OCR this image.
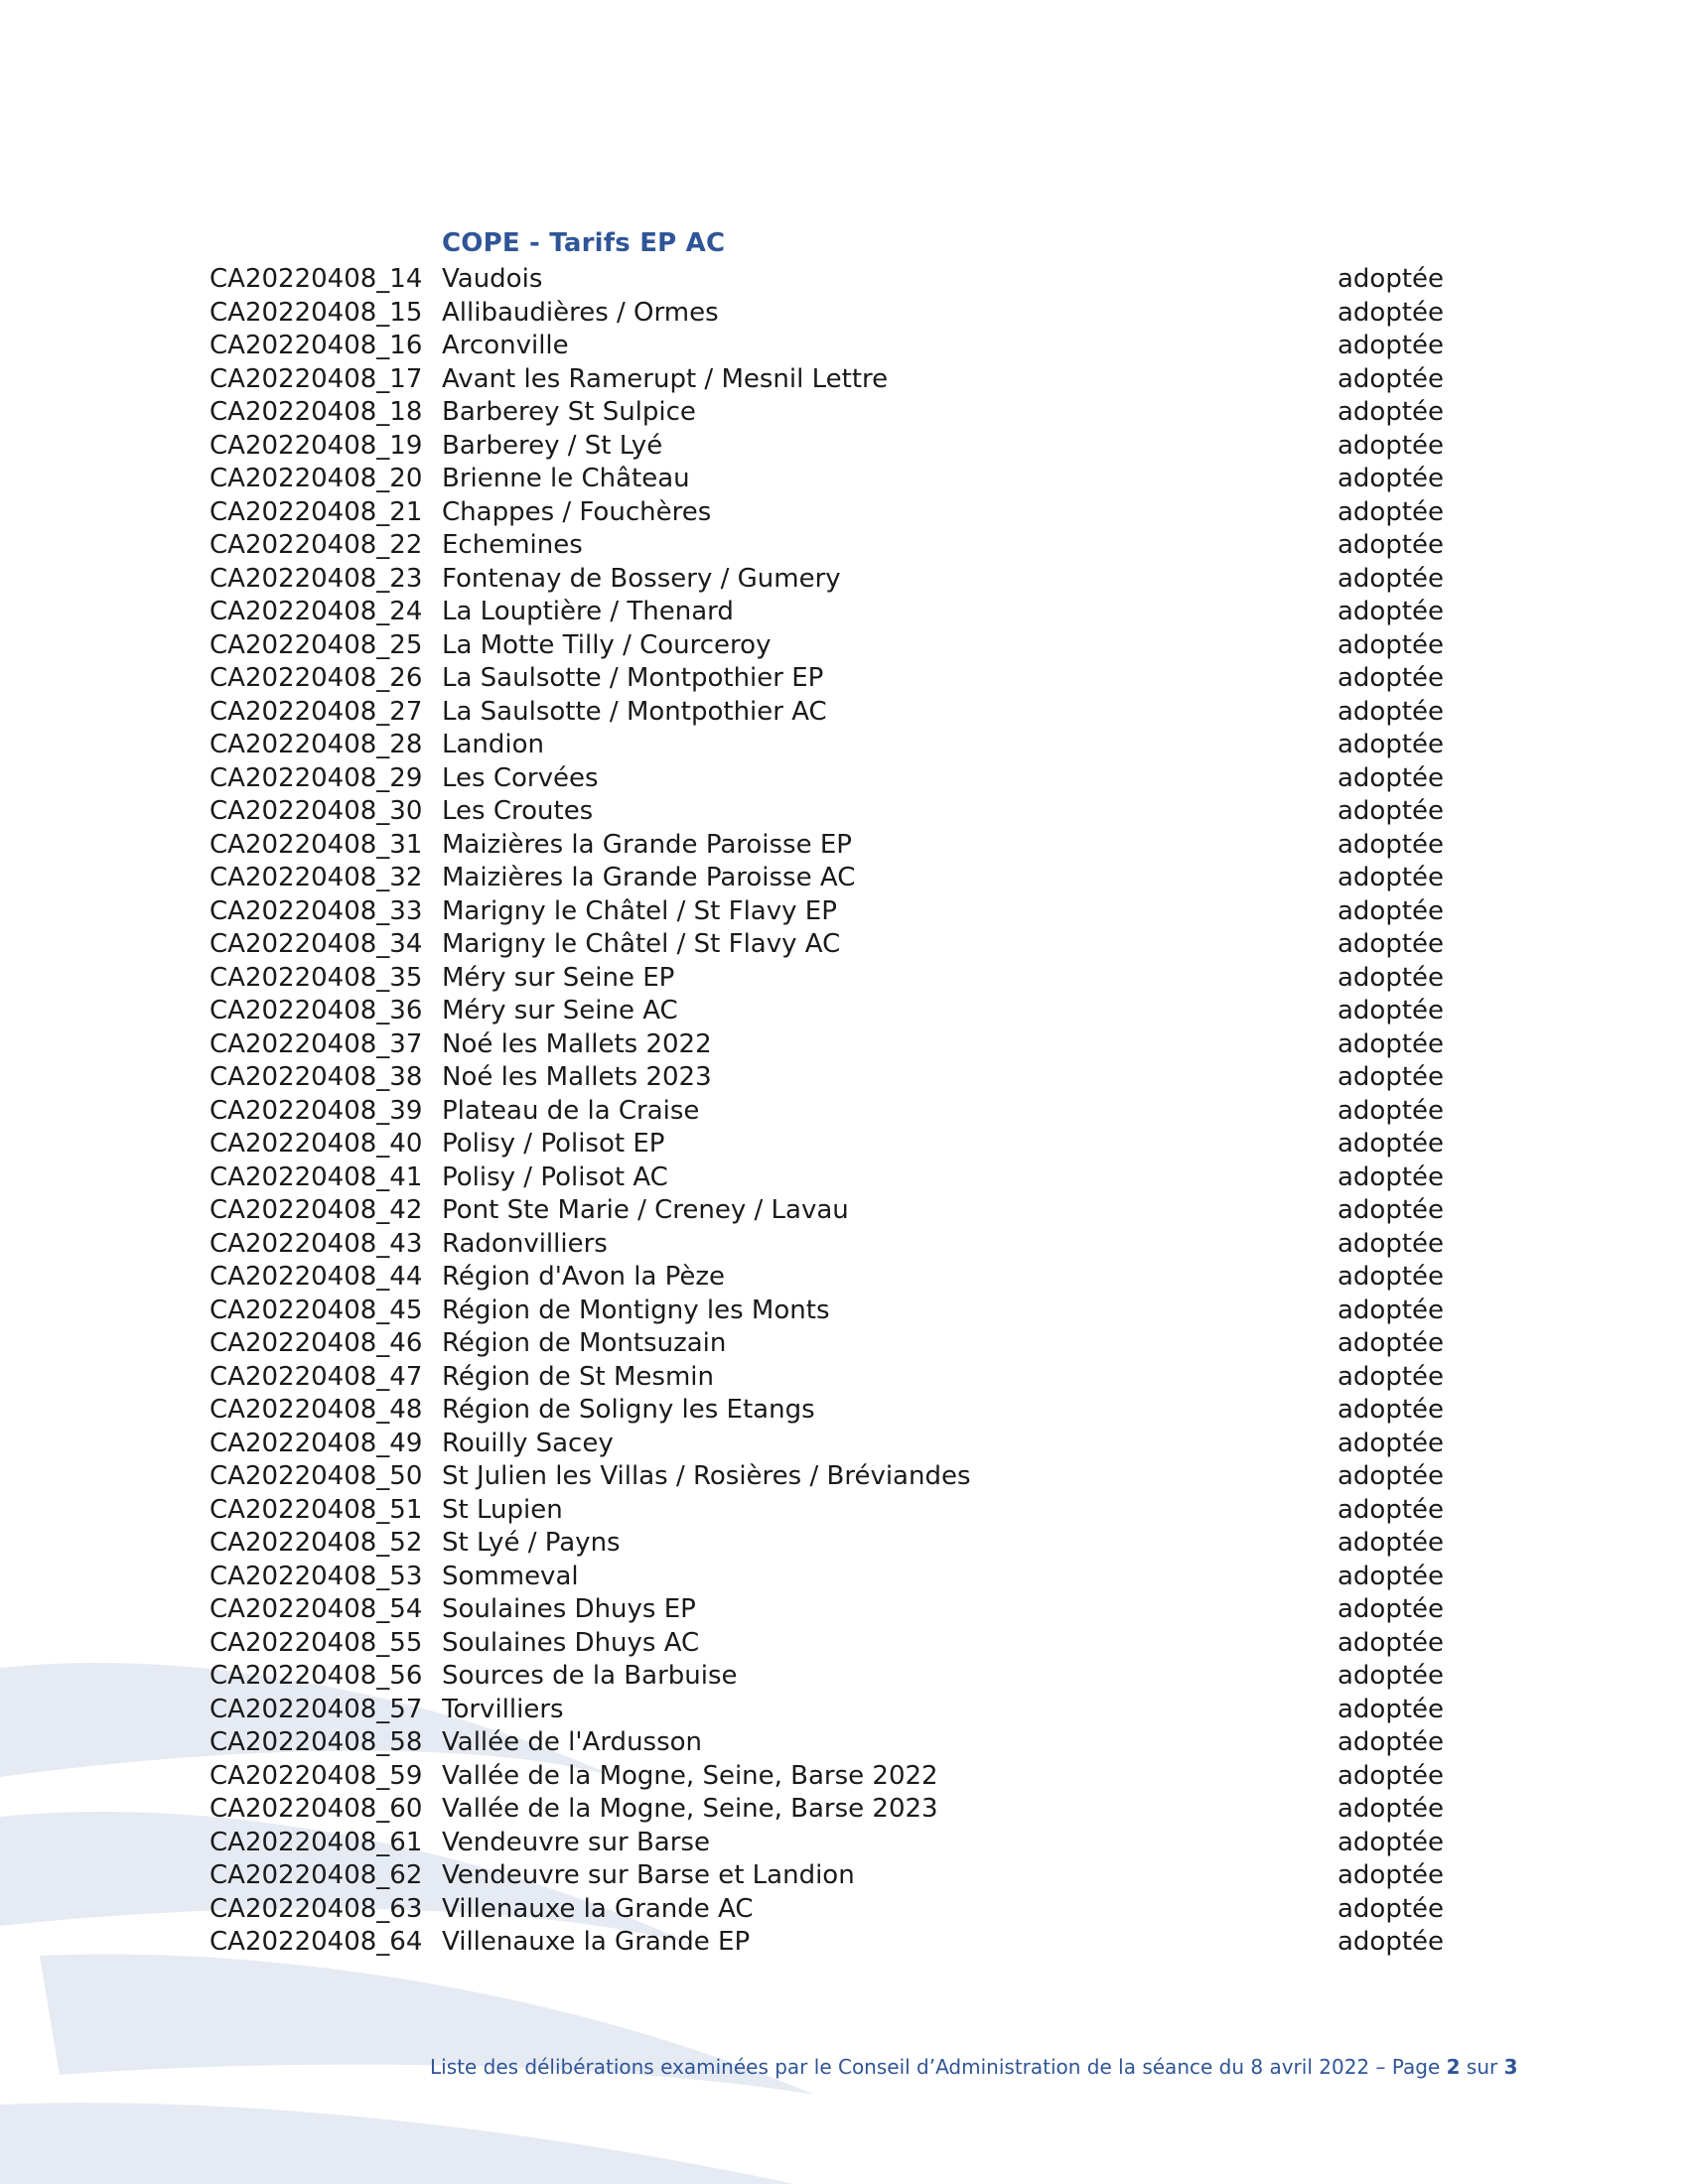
COPE - Tarifs EP AC
CA20220408_14 Vaudois	adoptée
CA20220408_15 Allibaudières / Ormes	adoptée
CA20220408_16 Arconville	adoptée
CA20220408_17 Avant les Ramerupt / Mesnil Lettre	adoptée
CA20220408_18 Barberey St Sulpice	adoptée
CA20220408_19 Barberey / St Lyé	adoptée
CA20220408_20 Brienne le Château	adoptée
CA20220408_21 Chappes / Fouchères	adoptée
CA20220408_22 Echemines	adoptée
CA20220408_23 Fontenay de Bossery / Gumery	adoptée
CA20220408_24 La Louptière / Thenard	adoptée
CA20220408_25 La Motte Tilly / Courceroy	adoptée
CA20220408_26 La Saulsotte / Montpothier EP	adoptée
CA20220408_27 La Saulsotte / Montpothier AC	adoptée
CA20220408_28 Landion	adoptée
CA20220408_29 Les Corvées	adoptée
CA20220408_30 Les Croutes	adoptée
CA20220408_31 Maizières la Grande Paroisse EP	adoptée
CA20220408_32 Maizières la Grande Paroisse AC	adoptée
CA20220408_33 Marigny le Châtel / St Flavy EP	adoptée
CA20220408_34 Marigny le Châtel / St Flavy AC	adoptée
CA20220408_35 Méry sur Seine EP	adoptée
CA20220408_36 Méry sur Seine AC	adoptée
CA20220408_37 Noé les Mallets 2022	adoptée
CA20220408_38 Noé les Mallets 2023	adoptée
CA20220408_39 Plateau de la Craise	adoptée
CA20220408_40 Polisy / Polisot EP	adoptée
CA20220408_41 Polisy / Polisot AC	adoptée
CA20220408_42 Pont Ste Marie / Creney / Lavau	adoptée
CA20220408_43 Radonvilliers	adoptée
CA20220408_44 Région d'Avon la Pèze	adoptée
CA20220408_45 Région de Montigny les Monts	adoptée
CA20220408_46 Région de Montsuzain	adoptée
CA20220408_47 Région de St Mesmin	adoptée
CA20220408_48 Région de Soligny les Etangs	adoptée
CA20220408_49 Rouilly Sacey	adoptée
CA20220408_50 St Julien les Villas / Rosières / Bréviandes	adoptée
CA20220408_51 St Lupien	adoptée
CA20220408_52 St Lyé / Payns	adoptée
CA20220408_53 Sommeval	adoptée
CA20220408_54 Soulaines Dhuys EP	adoptée
CA20220408_55 Soulaines Dhuys AC	adoptée
CA20220408_56 Sources de la Barbuise	adoptée
CA20220408_57 Torvilliers	adoptée
CA20220408_58 Vallée de l'Ardusson	adoptée
CA20220408_59 Vallée de la Mogne, Seine, Barse 2022	adoptée
CA20220408_60 Vallée de la Mogne, Seine, Barse 2023	adoptée
CA20220408_61 Vendeuvre sur Barse	adoptée
CA20220408_62 Vendeuvre sur Barse et Landion	adoptée
CA20220408_63 Villenauxe la Grande AC	adoptée
CA20220408_64 Villenauxe la Grande EP	adoptée
Liste des délibérations examinées par le Conseil d’Administration de la séance du 8 avril 2022 – Page 2 sur 3
